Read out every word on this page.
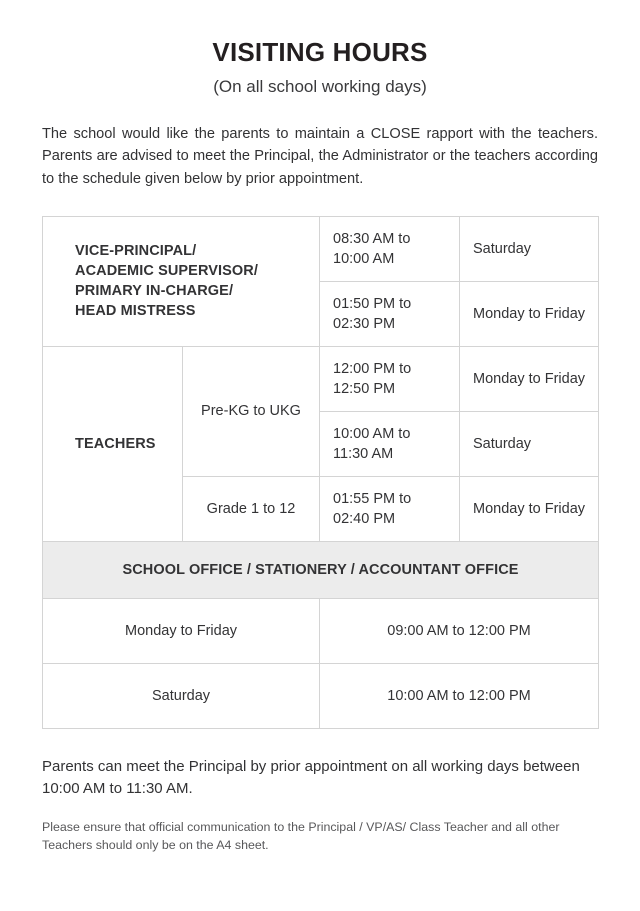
VISITING HOURS

(On all school working days)

The school would like the parents to maintain a CLOSE rapport with the teachers. Parents are advised to meet the Principal, the Administrator or the teachers according to the schedule given below by prior appointment.

VICE-PRINCIPAL/
ACADEMIC SUPERVISOR/
PRIMARY IN-CHARGE/
HEAD MISTRESS		08:30 AM to 10:00 AM	Saturday
		01:50 PM to 02:30 PM	Monday to Friday
TEACHERS	Pre-KG to UKG	12:00 PM to 12:50 PM	Monday to Friday
		10:00 AM to 11:30 AM	Saturday
	Grade 1 to 12	01:55 PM to 02:40 PM	Monday to Friday
SCHOOL OFFICE / STATIONERY / ACCOUNTANT OFFICE			
Monday to Friday		09:00 AM to 12:00 PM	
Saturday		10:00 AM to 12:00 PM	

Parents can meet the Principal by prior appointment on all working days between 10:00 AM to 11:30 AM.

Please ensure that official communication to the Principal / VP/AS/ Class Teacher and all other Teachers should only be on the A4 sheet.
